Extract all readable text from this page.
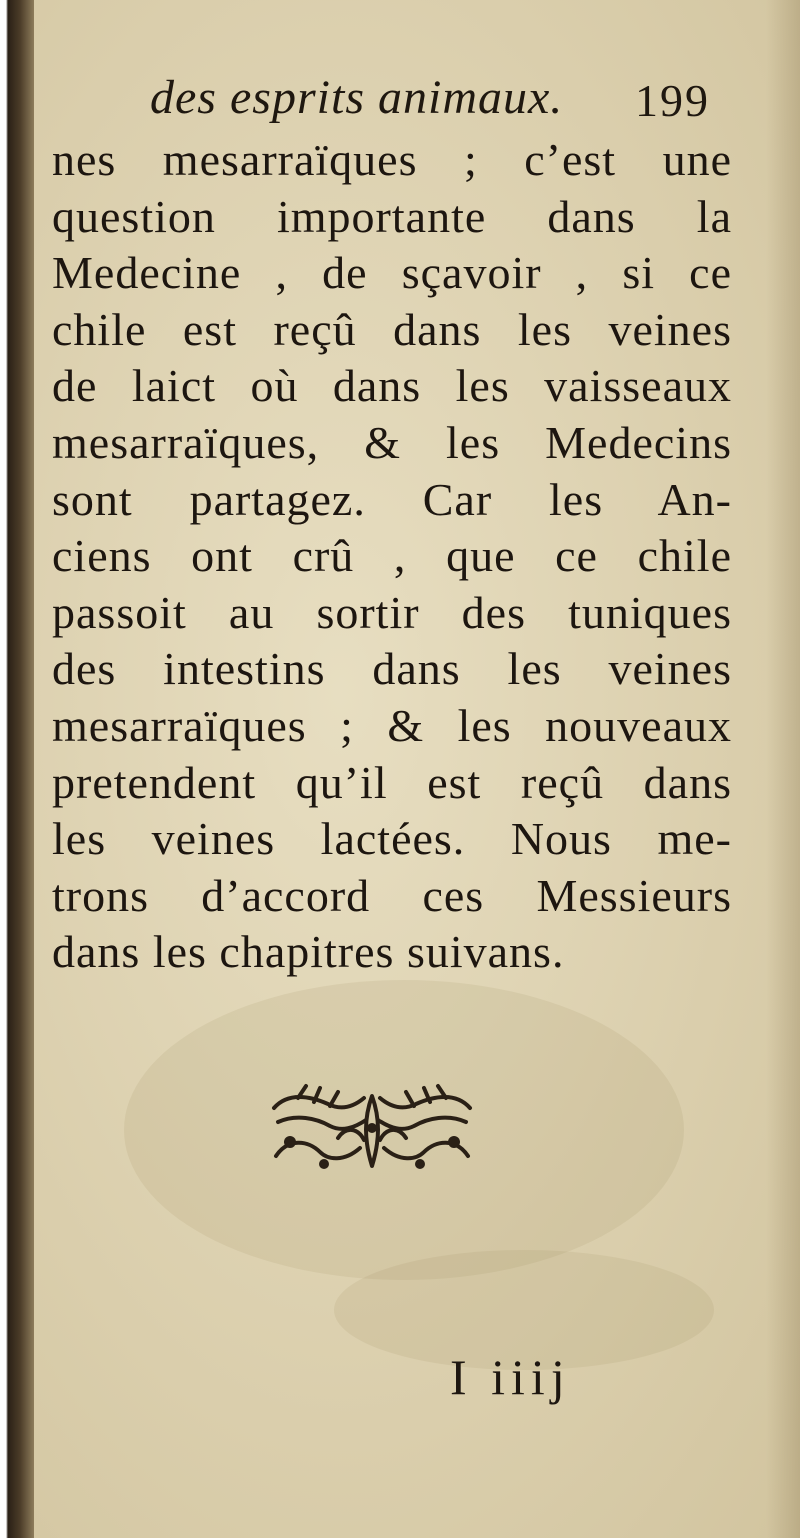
des esprits animaux. 199
nes mesarraïques ; c’est une
question importante dans la
Medecine , de sçavoir , si ce
chile est reçû dans les veines
de laict où dans les vaisseaux
mesarraïques, & les Medecins
sont partagez. Car les An-
ciens ont crû , que ce chile
passoit au sortir des tuniques
des intestins dans les veines
mesarraïques ; & les nouveaux
pretendent qu’il est reçû dans
les veines lactées. Nous me-
trons d’accord ces Messieurs
dans les chapitres suivans.
I iiij
